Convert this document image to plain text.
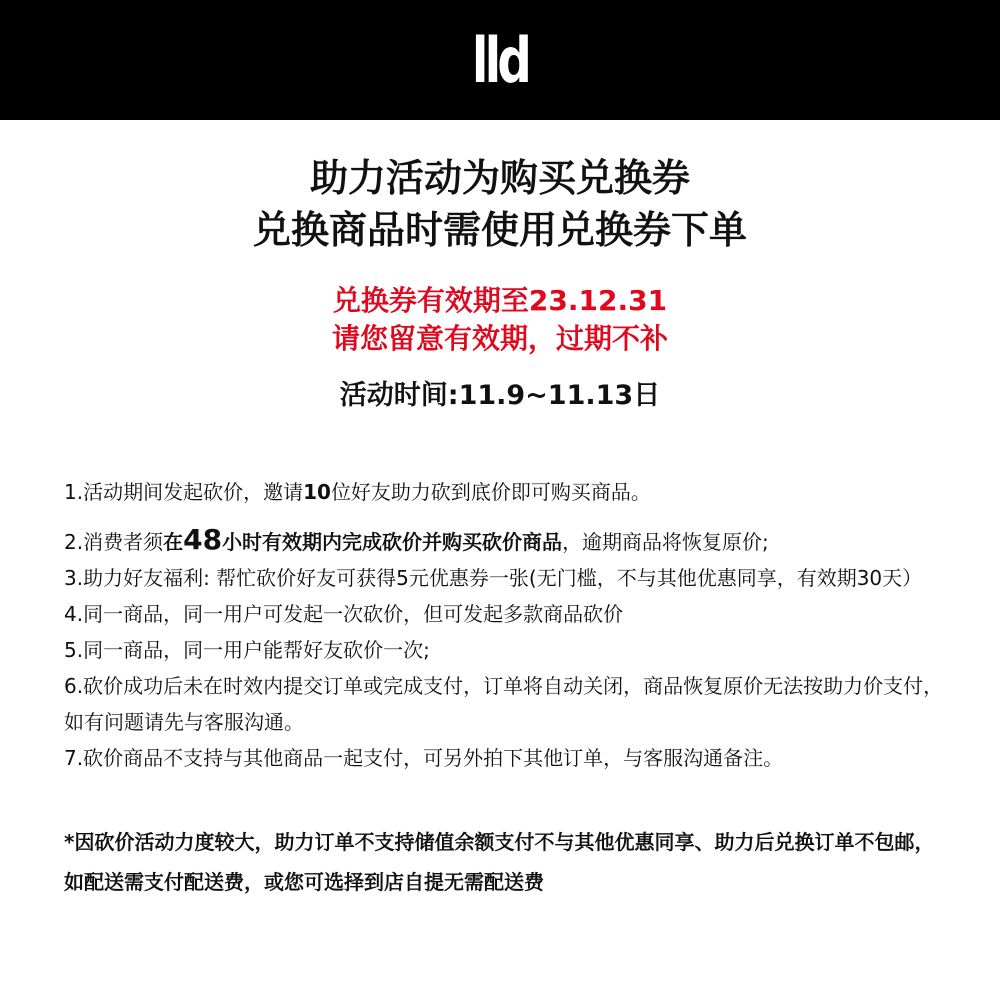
lld
助力活动为购买兑换券
兑换商品时需使用兑换券下单
兑换券有效期至23.12.31
请您留意有效期，过期不补
活动时间:11.9~11.13日

1.活动期间发起砍价，邀请10位好友助力砍到底价即可购买商品。

2.消费者须在48小时有效期内完成砍价并购买砍价商品，逾期商品将恢复原价;

3.助力好友福利: 帮忙砍价好友可获得5元优惠券一张(无门槛，不与其他优惠同享，有效期30天）

4.同一商品，同一用户可发起一次砍价，但可发起多款商品砍价

5.同一商品，同一用户能帮好友砍价一次;

6.砍价成功后未在时效内提交订单或完成支付，订单将自动关闭，商品恢复原价无法按助力价支付，如有问题请先与客服沟通。

7.砍价商品不支持与其他商品一起支付，可另外拍下其他订单，与客服沟通备注。

*因砍价活动力度较大，助力订单不支持储值余额支付不与其他优惠同享、助力后兑换订单不包邮，如配送需支付配送费，或您可选择到店自提无需配送费
